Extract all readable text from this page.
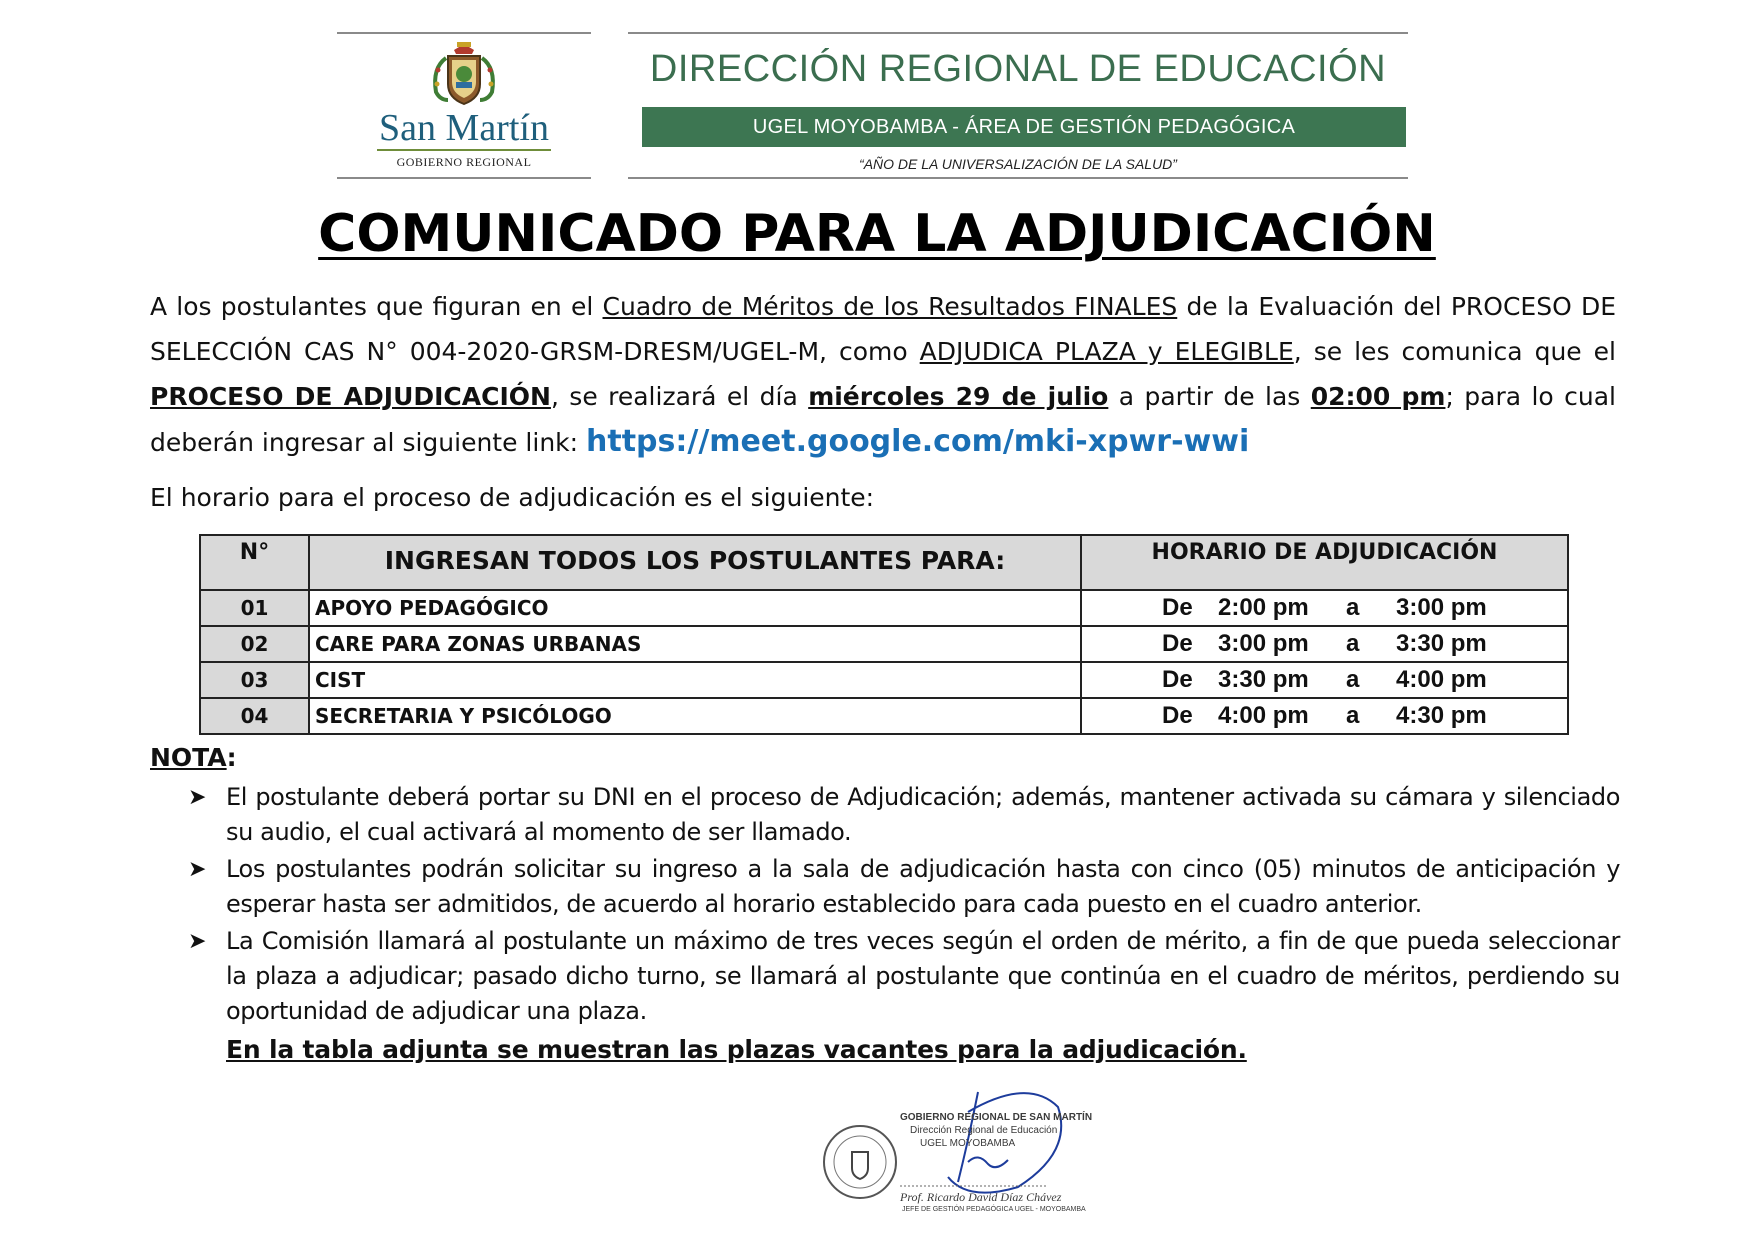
San Martín
GOBIERNO REGIONAL
DIRECCIÓN REGIONAL DE EDUCACIÓN
UGEL MOYOBAMBA - ÁREA DE GESTIÓN PEDAGÓGICA
“AÑO DE LA UNIVERSALIZACIÓN DE LA SALUD”
COMUNICADO PARA LA ADJUDICACIÓN
A los postulantes que figuran en el Cuadro de Méritos de los Resultados FINALES de la Evaluación del PROCESO DE SELECCIÓN CAS N° 004-2020-GRSM-DRESM/UGEL-M, como ADJUDICA PLAZA y ELEGIBLE, se les comunica que el PROCESO DE ADJUDICACIÓN, se realizará el día miércoles 29 de julio a partir de las 02:00 pm; para lo cual deberán ingresar al siguiente link: https://meet.google.com/mki-xpwr-wwi
El horario para el proceso de adjudicación es el siguiente:
N°	INGRESAN TODOS LOS POSTULANTES PARA:	HORARIO DE ADJUDICACIÓN
01	APOYO PEDAGÓGICO	De 2:00 pm a 3:00 pm
02	CARE PARA ZONAS URBANAS	De 3:00 pm a 3:30 pm
03	CIST	De 3:30 pm a 4:00 pm
04	SECRETARIA Y PSICÓLOGO	De 4:00 pm a 4:30 pm
NOTA:
➤ El postulante deberá portar su DNI en el proceso de Adjudicación; además, mantener activada su cámara y silenciado su audio, el cual activará al momento de ser llamado.
➤ Los postulantes podrán solicitar su ingreso a la sala de adjudicación hasta con cinco (05) minutos de anticipación y esperar hasta ser admitidos, de acuerdo al horario establecido para cada puesto en el cuadro anterior.
➤ La Comisión llamará al postulante un máximo de tres veces según el orden de mérito, a fin de que pueda seleccionar la plaza a adjudicar; pasado dicho turno, se llamará al postulante que continúa en el cuadro de méritos, perdiendo su oportunidad de adjudicar una plaza.
En la tabla adjunta se muestran las plazas vacantes para la adjudicación.
GOBIERNO REGIONAL DE SAN MARTÍN
Dirección Regional de Educación
UGEL MOYOBAMBA
Prof. Ricardo David Díaz Chávez
JEFE DE GESTIÓN PEDAGÓGICA UGEL - MOYOBAMBA
